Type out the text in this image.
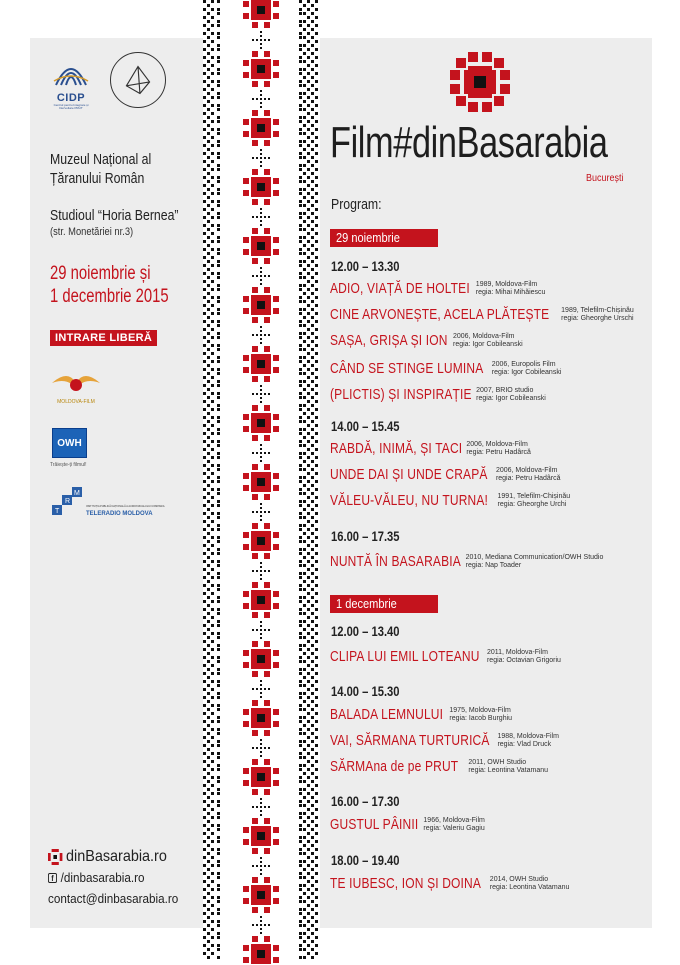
CIDP
Centrul pentru Integrare și Dezvoltare PRUT
Muzeul Național al
Țăranului Român
Studioul “Horia Bernea”
(str. Monetăriei nr.3)
29 noiembrie și
1 decembrie 2015
INTRARE LIBERĂ
MOLDOVA-FILM
OWH
Trăiește-ți filmul!
T
R
M
INSTITUȚIA PUBLICĂ NAȚIONALĂ A AUDIOVIZUALULUI COMPANIA
TELERADIO MOLDOVA
dinBasarabia.ro
f /dinbasarabia.ro
contact@dinbasarabia.ro
Film#dinBasarabia
București
Program:
29 noiembrie
12.00 – 13.30
ADIO, VIAȚĂ DE HOLTEI 1989, Moldova-Film
regia: Mihai Mihăiescu
CINE ARVONEȘTE, ACELA PLĂTEȘTE 1989, Telefilm-Chișinău
regia: Gheorghe Urschi
SAȘA, GRIȘA ȘI ION 2006, Moldova-Film
regia: Igor Cobileanski
CÂND SE STINGE LUMINA 2006, Europolis Film
regia: Igor Cobileanski
(PLICTIS) ȘI INSPIRAȚIE 2007, BRIO studio
regia: Igor Cobileanski
14.00 – 15.45
RABDĂ, INIMĂ, ȘI TACI 2006, Moldova-Film
regia: Petru Hadârcă
UNDE DAI ȘI UNDE CRAPĂ 2006, Moldova-Film
regia: Petru Hadârcă
VĂLEU-VĂLEU, NU TURNA! 1991, Telefilm-Chișinău
regia: Gheorghe Urchi
16.00 – 17.35
NUNTĂ ÎN BASARABIA 2010, Mediana Communication/OWH Studio
regia: Nap Toader
1 decembrie
12.00 – 13.40
CLIPA LUI EMIL LOTEANU 2011, Moldova-Film
regia: Octavian Grigoriu
14.00 – 15.30
BALADA LEMNULUI 1975, Moldova-Film
regia: Iacob Burghiu
VAI, SĂRMANA TURTURICĂ 1988, Moldova-Film
regia: Vlad Druck
SĂRMAna de pe PRUT 2011, OWH Studio
regia: Leontina Vatamanu
16.00 – 17.30
GUSTUL PÂINII 1966, Moldova-Film
regia: Valeriu Gagiu
18.00 – 19.40
TE IUBESC, ION ȘI DOINA 2014, OWH Studio
regia: Leontina Vatamanu
